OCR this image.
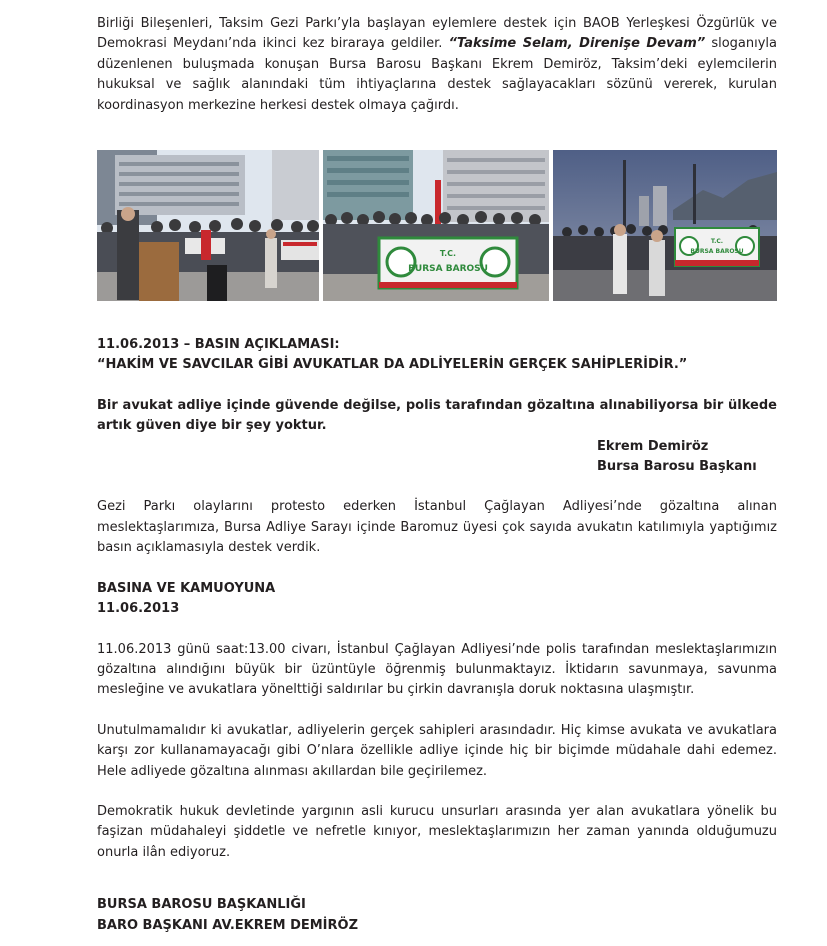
Birliği Bileşenleri, Taksim Gezi Parkı’yla başlayan eylemlere destek için BAOB Yerleşkesi Özgürlük ve Demokrasi Meydanı’nda ikinci kez biraraya geldiler. “Taksime Selam, Direnişe Devam” sloganıyla düzenlenen buluşmada konuşan Bursa Barosu Başkanı Ekrem Demiröz, Taksim’deki eylemcilerin hukuksal ve sağlık alanındaki tüm ihtiyaçlarına destek sağlayacakları sözünü vererek, kurulan koordinasyon merkezine herkesi destek olmaya çağırdı.

T.C.
BURSA BAROSU
T.C.
BURSA BAROSU

11.06.2013 – BASIN AÇIKLAMASI:

“HAKİM VE SAVCILAR GİBİ AVUKATLAR DA ADLİYELERİN GERÇEK SAHİPLERİDİR.”

Bir avukat adliye içinde güvende değilse, polis tarafından gözaltına alınabiliyorsa bir ülkede artık güven diye bir şey yoktur.

Ekrem Demiröz
Bursa Barosu Başkanı

Gezi Parkı olaylarını protesto ederken İstanbul Çağlayan Adliyesi’nde gözaltına alınan meslektaşlarımıza, Bursa Adliye Sarayı içinde Baromuz üyesi çok sayıda avukatın katılımıyla yaptığımız basın açıklamasıyla destek verdik.

BASINA VE KAMUOYUNA

11.06.2013

11.06.2013 günü saat:13.00 civarı, İstanbul Çağlayan Adliyesi’nde polis tarafından meslektaşlarımızın gözaltına alındığını büyük bir üzüntüyle öğrenmiş bulunmaktayız. İktidarın savunmaya, savunma mesleğine ve avukatlara yönelttiği saldırılar bu çirkin davranışla doruk noktasına ulaşmıştır.

Unutulmamalıdır ki avukatlar, adliyelerin gerçek sahipleri arasındadır. Hiç kimse avukata ve avukatlara karşı zor kullanamayacağı gibi O’nlara özellikle adliye içinde hiç bir biçimde müdahale dahi edemez. Hele adliyede gözaltına alınması akıllardan bile geçirilemez.

Demokratik hukuk devletinde yargının asli kurucu unsurları arasında yer alan avukatlara yönelik bu faşizan müdahaleyi şiddetle ve nefretle kınıyor, meslektaşlarımızın her zaman yanında olduğumuzu onurla ilân ediyoruz.

BURSA BAROSU BAŞKANLIĞI

BARO BAŞKANI AV.EKREM DEMİRÖZ
